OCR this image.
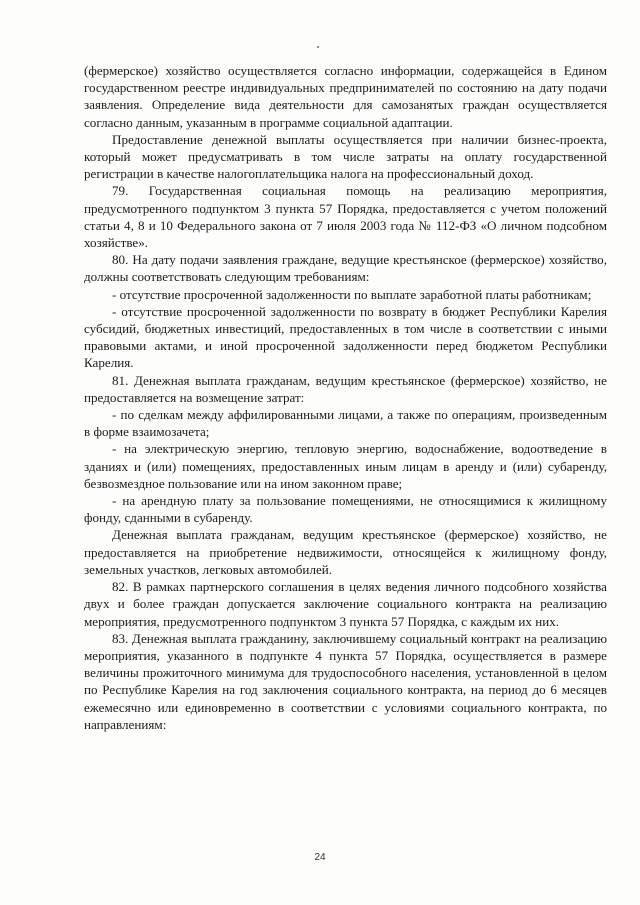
(фермерское) хозяйство осуществляется согласно информации, содержащейся в Едином государственном реестре индивидуальных предпринимателей по состоянию на дату подачи заявления. Определение вида деятельности для самозанятых граждан осуществляется согласно данным, указанным в программе социальной адаптации.

Предоставление денежной выплаты осуществляется при наличии бизнес-проекта, который может предусматривать в том числе затраты на оплату государственной регистрации в качестве налогоплательщика налога на профессиональный доход.

79. Государственная социальная помощь на реализацию мероприятия, предусмотренного подпунктом 3 пункта 57 Порядка, предоставляется с учетом положений статьи 4, 8 и 10 Федерального закона от 7 июля 2003 года № 112-ФЗ «О личном подсобном хозяйстве».

80. На дату подачи заявления граждане, ведущие крестьянское (фермерское) хозяйство, должны соответствовать следующим требованиям:

- отсутствие просроченной задолженности по выплате заработной платы работникам;

- отсутствие просроченной задолженности по возврату в бюджет Республики Карелия субсидий, бюджетных инвестиций, предоставленных в том числе в соответствии с иными правовыми актами, и иной просроченной задолженности перед бюджетом Республики Карелия.

81. Денежная выплата гражданам, ведущим крестьянское (фермерское) хозяйство, не предоставляется на возмещение затрат:

- по сделкам между аффилированными лицами, а также по операциям, произведенным в форме взаимозачета;

- на электрическую энергию, тепловую энергию, водоснабжение, водоотведение в зданиях и (или) помещениях, предоставленных иным лицам в аренду и (или) субаренду, безвозмездное пользование или на ином законном праве;

- на арендную плату за пользование помещениями, не относящимися к жилищному фонду, сданными в субаренду.

Денежная выплата гражданам, ведущим крестьянское (фермерское) хозяйство, не предоставляется на приобретение недвижимости, относящейся к жилищному фонду, земельных участков, легковых автомобилей.

82. В рамках партнерского соглашения в целях ведения личного подсобного хозяйства двух и более граждан допускается заключение социального контракта на реализацию мероприятия, предусмотренного подпунктом 3 пункта 57 Порядка, с каждым их них.

83. Денежная выплата гражданину, заключившему социальный контракт на реализацию мероприятия, указанного в подпункте 4 пункта 57 Порядка, осуществляется в размере величины прожиточного минимума для трудоспособного населения, установленной в целом по Республике Карелия на год заключения социального контракта, на период до 6 месяцев ежемесячно или единовременно в соответствии с условиями социального контракта, по направлениям:

24
